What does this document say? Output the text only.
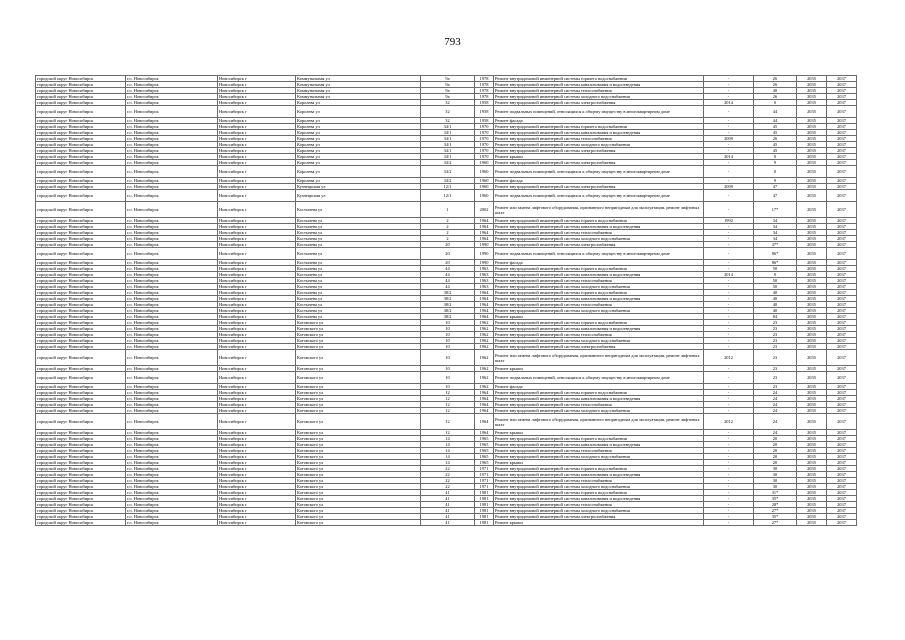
793
городской округ Новосибирск	г.о. Новосибирск	Новосибирск г	Коммунальная ул	9а	1978	Ремонт внутридомовой инженерной системы горячего водоснабжения	-	26	2035	2037
городской округ Новосибирск	г.о. Новосибирск	Новосибирск г	Коммунальная ул	9а	1978	Ремонт внутридомовой инженерной системы канализования и водоотведения	-	26	2035	2037
городской округ Новосибирск	г.о. Новосибирск	Новосибирск г	Коммунальная ул	9а	1978	Ремонт внутридомовой инженерной системы теплоснабжения	-	40	2035	2037
городской округ Новосибирск	г.о. Новосибирск	Новосибирск г	Коммунальная ул	9а	1978	Ремонт внутридомовой инженерной системы холодного водоснабжения	-	26	2035	2037
городской округ Новосибирск	г.о. Новосибирск	Новосибирск г	Королева ул	32	1958	Ремонт внутридомовой инженерной системы электроснабжения	2014	0	2035	2037
городской округ Новосибирск	г.о. Новосибирск	Новосибирск г	Королева ул	32	1958	Ремонт подвальных помещений, относящихся к общему имуществу в многоквартирном доме	-	44	2035	2037
городской округ Новосибирск	г.о. Новосибирск	Новосибирск г	Королева ул	32	1958	Ремонт фасада	-	44	2035	2037
городской округ Новосибирск	г.о. Новосибирск	Новосибирск г	Королева ул	34/1	1970	Ремонт внутридомовой инженерной системы горячего водоснабжения	-	45	2035	2037
городской округ Новосибирск	г.о. Новосибирск	Новосибирск г	Королева ул	34/1	1970	Ремонт внутридомовой инженерной системы канализования и водоотведения	-	45	2035	2037
городской округ Новосибирск	г.о. Новосибирск	Новосибирск г	Королева ул	34/1	1970	Ремонт внутридомовой инженерной системы теплоснабжения	2009	26	2035	2037
городской округ Новосибирск	г.о. Новосибирск	Новосибирск г	Королева ул	34/1	1970	Ремонт внутридомовой инженерной системы холодного водоснабжения	-	45	2035	2037
городской округ Новосибирск	г.о. Новосибирск	Новосибирск г	Королева ул	34/1	1970	Ремонт внутридомовой инженерной системы электроснабжения	-	45	2035	2037
городской округ Новосибирск	г.о. Новосибирск	Новосибирск г	Королева ул	34/1	1970	Ремонт крыши	2014	0	2035	2037
городской округ Новосибирск	г.о. Новосибирск	Новосибирск г	Королева ул	34/2	1960	Ремонт внутридомовой инженерной системы электроснабжения	-	9	2035	2037
городской округ Новосибирск	г.о. Новосибирск	Новосибирск г	Королева ул	34/2	1960	Ремонт подвальных помещений, относящихся к общему имуществу в многоквартирном доме	-	0	2035	2037
городской округ Новосибирск	г.о. Новосибирск	Новосибирск г	Королева ул	34/2	1960	Ремонт фасада	-	9	2035	2037
городской округ Новосибирск	г.о. Новосибирск	Новосибирск г	Кузнецкская ул	12/1	1960	Ремонт внутридомовой инженерной системы электроснабжения	2009	47	2035	2037
городской округ Новосибирск	г.о. Новосибирск	Новосибирск г	Кузнецкская ул	12/1	1960	Ремонт подвальных помещений, относящихся к общему имуществу в многоквартирном доме	-	47	2035	2037
городской округ Новосибирск	г.о. Новосибирск	Новосибирск г	Костычева ул	1	2002	Ремонт или замена лифтового оборудования, признанного непригодным для эксплуатации, ремонт лифтовых шахт	-	17*	2035	2037
городской округ Новосибирск	г.о. Новосибирск	Новосибирск г	Костычева ул	2	1964	Ремонт внутридомовой инженерной системы горячего водоснабжения	1992	34	2035	2037
городской округ Новосибирск	г.о. Новосибирск	Новосибирск г	Костычева ул	2	1964	Ремонт внутридомовой инженерной системы канализования и водоотведения	-	34	2035	2037
городской округ Новосибирск	г.о. Новосибирск	Новосибирск г	Костычева ул	2	1964	Ремонт внутридомовой инженерной системы теплоснабжения	-	34	2035	2037
городской округ Новосибирск	г.о. Новосибирск	Новосибирск г	Костычева ул	2	1964	Ремонт внутридомовой инженерной системы холодного водоснабжения	-	34	2035	2037
городской округ Новосибирск	г.о. Новосибирск	Новосибирск г	Костычева ул	20	1990	Ремонт внутридомовой инженерной системы электроснабжения	-	37*	2035	2037
городской округ Новосибирск	г.о. Новосибирск	Новосибирск г	Костычева ул	20	1990	Ремонт подвальных помещений, относящихся к общему имуществу в многоквартирном доме	-	86*	2035	2037
городской округ Новосибирск	г.о. Новосибирск	Новосибирск г	Костычева ул	20	1990	Ремонт фасада	-	86*	2035	2037
городской округ Новосибирск	г.о. Новосибирск	Новосибирск г	Костычева ул	44	1963	Ремонт внутридомовой инженерной системы горячего водоснабжения	-	50	2035	2037
городской округ Новосибирск	г.о. Новосибирск	Новосибирск г	Костычева ул	44	1963	Ремонт внутридомовой инженерной системы канализования и водоотведения	2014	0	2035	2037
городской округ Новосибирск	г.о. Новосибирск	Новосибирск г	Костычева ул	44	1963	Ремонт внутридомовой инженерной системы теплоснабжения	-	50	2035	2037
городской округ Новосибирск	г.о. Новосибирск	Новосибирск г	Костычева ул	44	1963	Ремонт внутридомовой инженерной системы холодного водоснабжения	-	50	2035	2037
городской округ Новосибирск	г.о. Новосибирск	Новосибирск г	Костычева ул	38/2	1964	Ремонт внутридомовой инженерной системы горячего водоснабжения	-	40	2035	2037
городской округ Новосибирск	г.о. Новосибирск	Новосибирск г	Костычева ул	38/2	1964	Ремонт внутридомовой инженерной системы канализования и водоотведения	-	40	2035	2037
городской округ Новосибирск	г.о. Новосибирск	Новосибирск г	Костычева ул	38/2	1964	Ремонт внутридомовой инженерной системы теплоснабжения	-	40	2035	2037
городской округ Новосибирск	г.о. Новосибирск	Новосибирск г	Костычева ул	38/2	1964	Ремонт внутридомовой инженерной системы холодного водоснабжения	-	40	2035	2037
городской округ Новосибирск	г.о. Новосибирск	Новосибирск г	Костычева ул	38/2	1964	Ремонт крыши	-	84	2035	2037
городской округ Новосибирск	г.о. Новосибирск	Новосибирск г	Котовского ул	10	1962	Ремонт внутридомовой инженерной системы горячего водоснабжения	-	23	2035	2037
городской округ Новосибирск	г.о. Новосибирск	Новосибирск г	Котовского ул	10	1962	Ремонт внутридомовой инженерной системы канализования и водоотведения	-	23	2035	2037
городской округ Новосибирск	г.о. Новосибирск	Новосибирск г	Котовского ул	10	1962	Ремонт внутридомовой инженерной системы теплоснабжения	-	23	2035	2037
городской округ Новосибирск	г.о. Новосибирск	Новосибирск г	Котовского ул	10	1962	Ремонт внутридомовой инженерной системы холодного водоснабжения	-	23	2035	2037
городской округ Новосибирск	г.о. Новосибирск	Новосибирск г	Котовского ул	10	1962	Ремонт внутридомовой инженерной системы электроснабжения	-	23	2035	2037
городской округ Новосибирск	г.о. Новосибирск	Новосибирск г	Котовского ул	10	1962	Ремонт или замена лифтового оборудования, признанного непригодным для эксплуатации, ремонт лифтовых шахт	2012	23	2035	2037
городской округ Новосибирск	г.о. Новосибирск	Новосибирск г	Котовского ул	10	1962	Ремонт крыши	-	23	2035	2037
городской округ Новосибирск	г.о. Новосибирск	Новосибирск г	Котовского ул	10	1962	Ремонт подвальных помещений, относящихся к общему имуществу в многоквартирном доме	-	23	2035	2037
городской округ Новосибирск	г.о. Новосибирск	Новосибирск г	Котовского ул	10	1962	Ремонт фасада	-	23	2035	2037
городской округ Новосибирск	г.о. Новосибирск	Новосибирск г	Котовского ул	12	1964	Ремонт внутридомовой инженерной системы горячего водоснабжения	-	24	2035	2037
городской округ Новосибирск	г.о. Новосибирск	Новосибирск г	Котовского ул	12	1964	Ремонт внутридомовой инженерной системы канализования и водоотведения	-	24	2035	2037
городской округ Новосибирск	г.о. Новосибирск	Новосибирск г	Котовского ул	12	1964	Ремонт внутридомовой инженерной системы теплоснабжения	-	24	2035	2037
городской округ Новосибирск	г.о. Новосибирск	Новосибирск г	Котовского ул	12	1964	Ремонт внутридомовой инженерной системы холодного водоснабжения	-	24	2035	2037
городской округ Новосибирск	г.о. Новосибирск	Новосибирск г	Котовского ул	12	1964	Ремонт или замена лифтового оборудования, признанного непригодным для эксплуатации, ремонт лифтовых шахт	2012	24	2035	2037
городской округ Новосибирск	г.о. Новосибирск	Новосибирск г	Котовского ул	12	1964	Ремонт крыши	-	24	2035	2037
городской округ Новосибирск	г.о. Новосибирск	Новосибирск г	Котовского ул	14	1965	Ремонт внутридомовой инженерной системы горячего водоснабжения	-	20	2035	2037
городской округ Новосибирск	г.о. Новосибирск	Новосибирск г	Котовского ул	14	1965	Ремонт внутридомовой инженерной системы канализования и водоотведения	-	20	2035	2037
городской округ Новосибирск	г.о. Новосибирск	Новосибирск г	Котовского ул	14	1965	Ремонт внутридомовой инженерной системы теплоснабжения	-	20	2035	2037
городской округ Новосибирск	г.о. Новосибирск	Новосибирск г	Котовского ул	14	1965	Ремонт внутридомовой инженерной системы холодного водоснабжения	-	20	2035	2037
городской округ Новосибирск	г.о. Новосибирск	Новосибирск г	Котовского ул	14	1965	Ремонт крыши	-	20	2035	2037
городской округ Новосибирск	г.о. Новосибирск	Новосибирск г	Котовского ул	22	1971	Ремонт внутридомовой инженерной системы горячего водоснабжения	-	30	2035	2037
городской округ Новосибирск	г.о. Новосибирск	Новосибирск г	Котовского ул	22	1971	Ремонт внутридомовой инженерной системы канализования и водоотведения	-	30	2035	2037
городской округ Новосибирск	г.о. Новосибирск	Новосибирск г	Котовского ул	22	1971	Ремонт внутридомовой инженерной системы теплоснабжения	-	30	2035	2037
городской округ Новосибирск	г.о. Новосибирск	Новосибирск г	Котовского ул	22	1971	Ремонт внутридомовой инженерной системы холодного водоснабжения	-	30	2035	2037
городской округ Новосибирск	г.о. Новосибирск	Новосибирск г	Котовского ул	41	1981	Ремонт внутридомовой инженерной системы горячего водоснабжения	-	31*	2035	2037
городской округ Новосибирск	г.о. Новосибирск	Новосибирск г	Котовского ул	41	1981	Ремонт внутридомовой инженерной системы канализования и водоотведения	-	35*	2035	2037
городской округ Новосибирск	г.о. Новосибирск	Новосибирск г	Котовского ул	41	1981	Ремонт внутридомовой инженерной системы теплоснабжения	-	28*	2035	2037
городской округ Новосибирск	г.о. Новосибирск	Новосибирск г	Котовского ул	41	1981	Ремонт внутридомовой инженерной системы холодного водоснабжения	-	27*	2035	2037
городской округ Новосибирск	г.о. Новосибирск	Новосибирск г	Котовского ул	41	1981	Ремонт внутридомовой инженерной системы электроснабжения	-	35*	2035	2037
городской округ Новосибирск	г.о. Новосибирск	Новосибирск г	Котовского ул	41	1981	Ремонт крыши	-	27*	2035	2037
